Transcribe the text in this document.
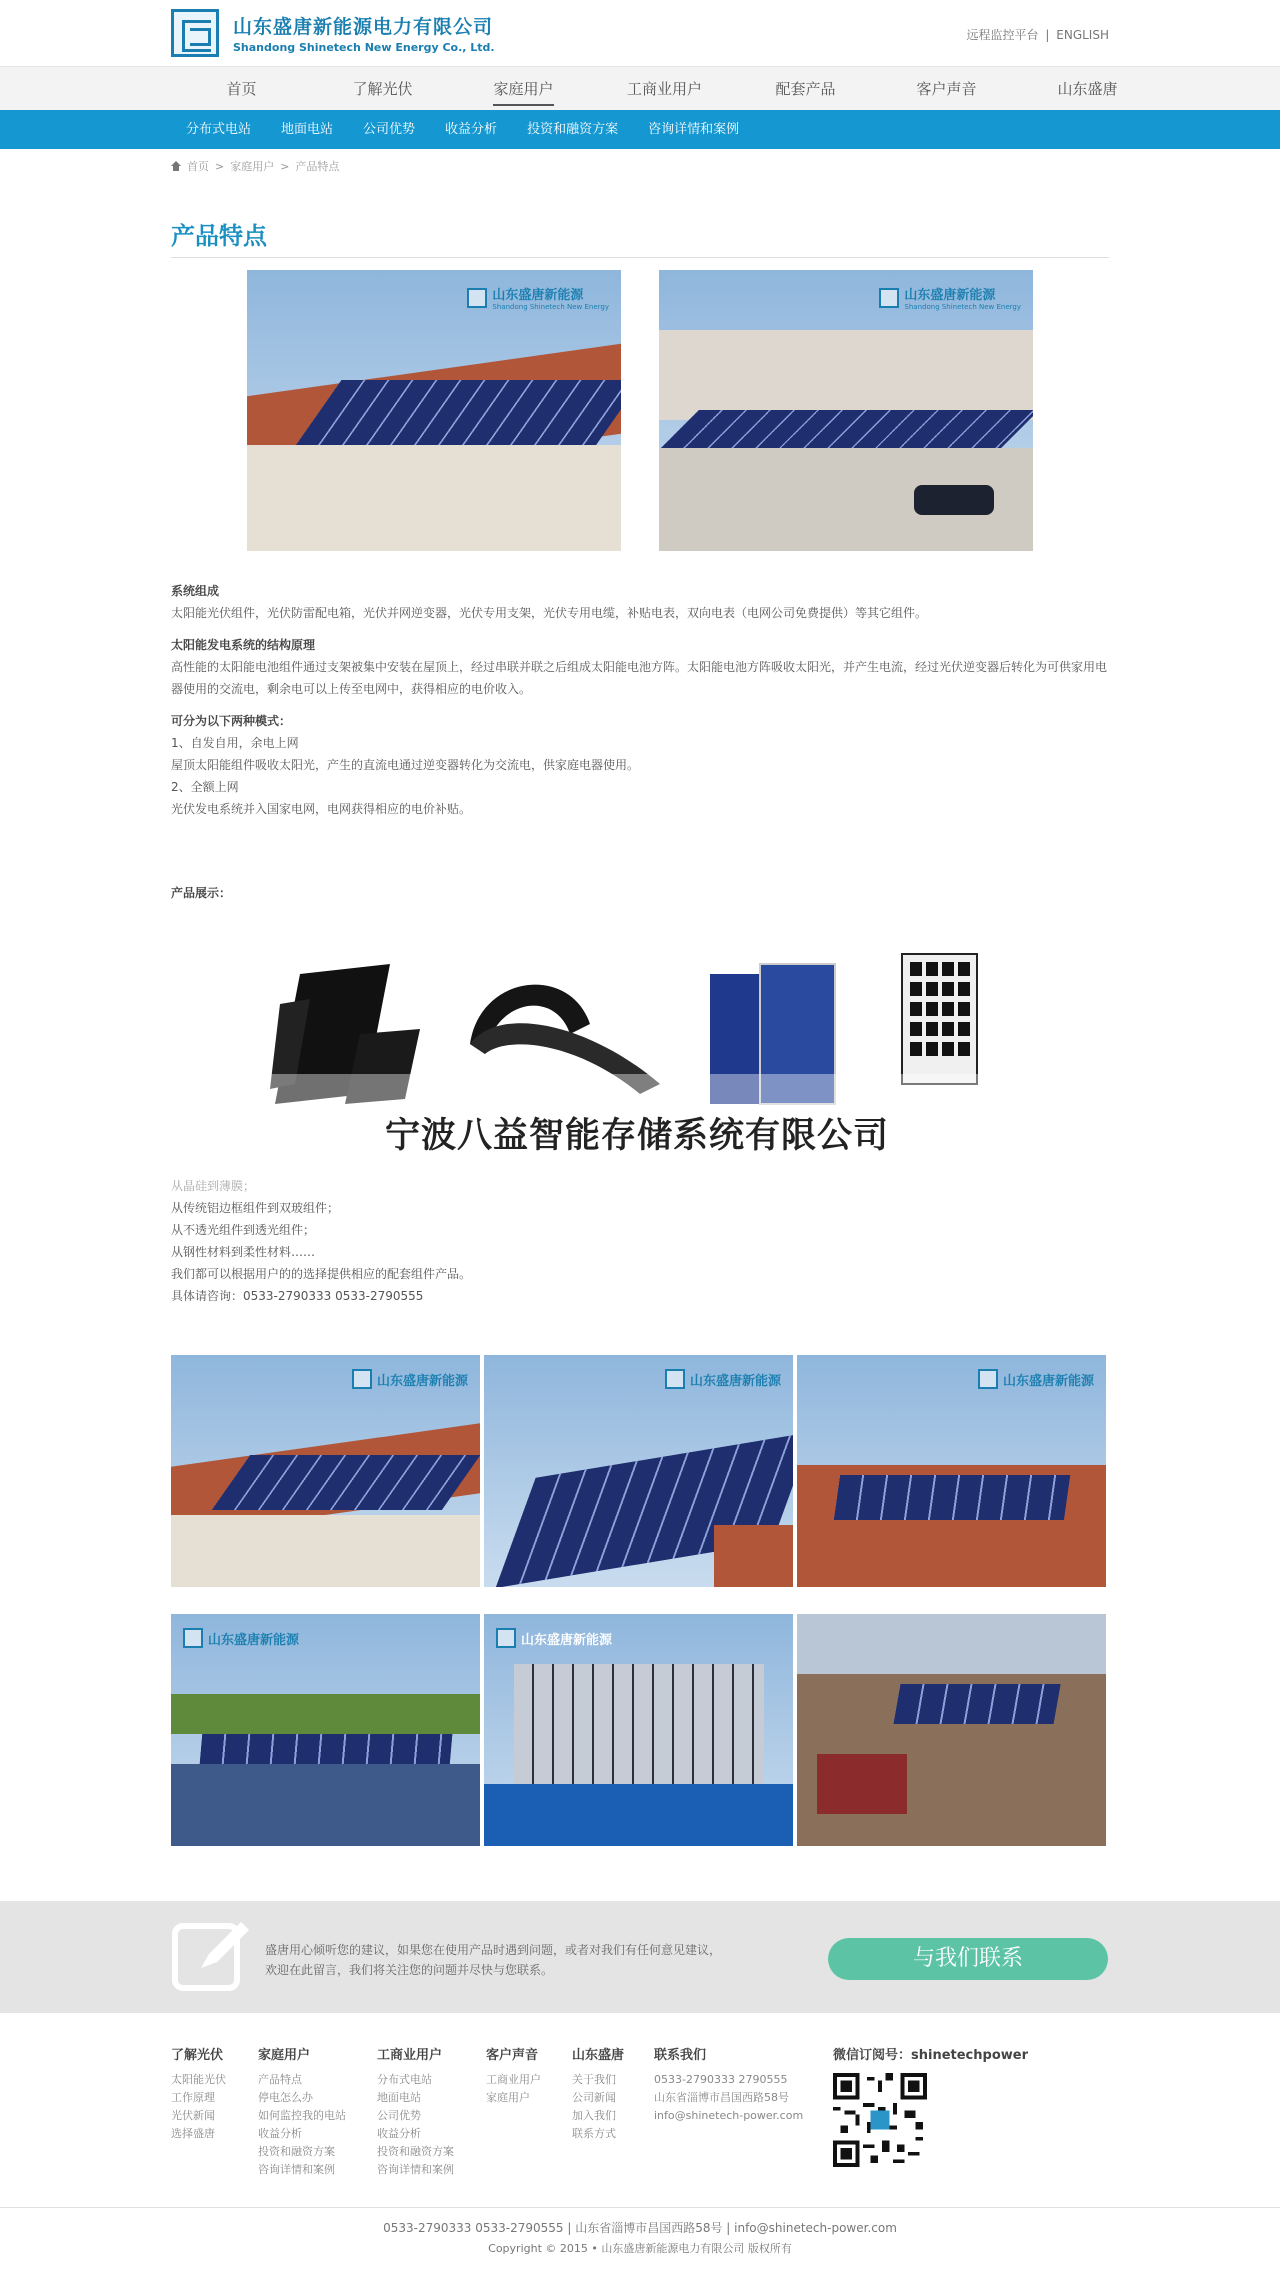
山东盛唐新能源电力有限公司
Shandong Shinetech New Energy Co., Ltd.
远程监控平台 | ENGLISH
首页	了解光伏	家庭用户	工商业用户	配套产品	客户声音	山东盛唐
分布式电站	地面电站	公司优势	收益分析	投资和融资方案	咨询详情和案例
首页 > 家庭用户 > 产品特点
产品特点
山东盛唐新能源
Shandong Shinetech New Energy
山东盛唐新能源
Shandong Shinetech New Energy
系统组成
太阳能光伏组件，光伏防雷配电箱，光伏并网逆变器，光伏专用支架，光伏专用电缆，补贴电表，双向电表（电网公司免费提供）等其它组件。
太阳能发电系统的结构原理
高性能的太阳能电池组件通过支架被集中安装在屋顶上，经过串联并联之后组成太阳能电池方阵。太阳能电池方阵吸收太阳光，并产生电流，经过光伏逆变器后转化为可供家用电器使用的交流电，剩余电可以上传至电网中，获得相应的电价收入。
可分为以下两种模式：
1、自发自用，余电上网
屋顶太阳能组件吸收太阳光，产生的直流电通过逆变器转化为交流电，供家庭电器使用。
2、全额上网
光伏发电系统并入国家电网，电网获得相应的电价补贴。
产品展示：
宁波八益智能存储系统有限公司
从晶硅到薄膜；
从传统铝边框组件到双玻组件；
从不透光组件到透光组件；
从钢性材料到柔性材料……
我们都可以根据用户的的选择提供相应的配套组件产品。
具体请咨询：0533-2790333 0533-2790555
山东盛唐新能源	山东盛唐新能源	山东盛唐新能源
山东盛唐新能源	山东盛唐新能源
盛唐用心倾听您的建议，如果您在使用产品时遇到问题，或者对我们有任何意见建议，
欢迎在此留言，我们将关注您的问题并尽快与您联系。	与我们联系
了解光伏
太阳能光伏
工作原理
光伏新闻
选择盛唐
家庭用户
产品特点
停电怎么办
如何监控我的电站
收益分析
投资和融资方案
咨询详情和案例
工商业用户
分布式电站
地面电站
公司优势
收益分析
投资和融资方案
咨询详情和案例
客户声音
工商业用户
家庭用户
山东盛唐
关于我们
公司新闻
加入我们
联系方式
联系我们
0533-2790333 2790555
山东省淄博市昌国西路58号
info@shinetech-power.com
微信订阅号：shinetechpower
0533-2790333 0533-2790555 | 山东省淄博市昌国西路58号 | info@shinetech-power.com
Copyright © 2015 • 山东盛唐新能源电力有限公司 版权所有
